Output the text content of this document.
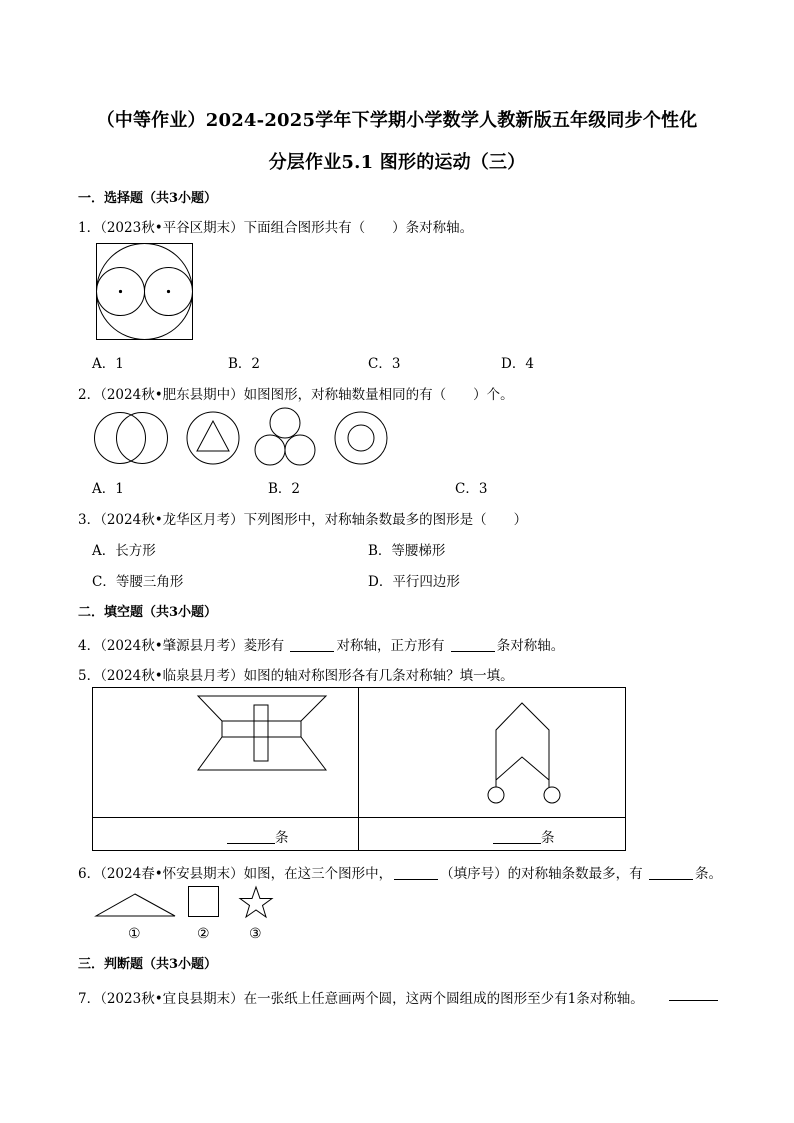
（中等作业）2024-2025学年下学期小学数学人教新版五年级同步个性化
分层作业5.1 图形的运动（三）
一．选择题（共3小题）
1．（2023秋•平谷区期末）下面组合图形共有（　　）条对称轴。
A．1	B．2	C．3	D．4
2．（2024秋•肥东县期中）如图图形，对称轴数量相同的有（　　）个。
A．1	B．2	C．3
3．（2024秋•龙华区月考）下列图形中，对称轴条数最多的图形是（　　）
A．长方形	B．等腰梯形
C．等腰三角形	D．平行四边形
二．填空题（共3小题）
4．（2024秋•肇源县月考）菱形有	对称轴，正方形有	条对称轴。
5．（2024秋•临泉县月考）如图的轴对称图形各有几条对称轴？填一填。
条	条
6．（2024春•怀安县期末）如图，在这三个图形中，	（填序号）的对称轴条数最多，有	条。
①	②	③
三．判断题（共3小题）
7．（2023秋•宜良县期末）在一张纸上任意画两个圆，这两个圆组成的图形至少有1条对称轴。
